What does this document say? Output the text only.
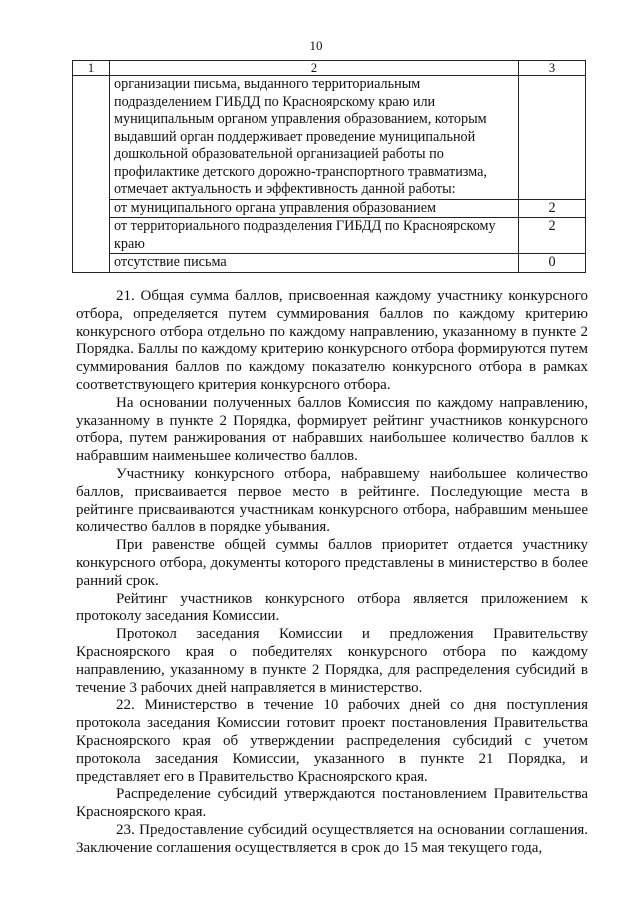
10
1	2	3
	организации письма, выданного территориальным подразделением ГИБДД по Красноярскому краю или муниципальным органом управления образованием, которым выдавший орган поддерживает проведение муниципальной дошкольной образовательной организацией работы по профилактике детского дорожно-транспортного травматизма, отмечает актуальность и эффективность данной работы:	
	от муниципального органа управления образованием	2
	от территориального подразделения ГИБДД по Красноярскому краю	2
	отсутствие письма	0

21. Общая сумма баллов, присвоенная каждому участнику конкурсного отбора, определяется путем суммирования баллов по каждому критерию конкурсного отбора отдельно по каждому направлению, указанному в пункте 2 Порядка. Баллы по каждому критерию конкурсного отбора формируются путем суммирования баллов по каждому показателю конкурсного отбора в рамках соответствующего критерия конкурсного отбора.

На основании полученных баллов Комиссия по каждому направлению, указанному в пункте 2 Порядка, формирует рейтинг участников конкурсного отбора, путем ранжирования от набравших наибольшее количество баллов к набравшим наименьшее количество баллов.

Участнику конкурсного отбора, набравшему наибольшее количество баллов, присваивается первое место в рейтинге. Последующие места в рейтинге присваиваются участникам конкурсного отбора, набравшим меньшее количество баллов в порядке убывания.

При равенстве общей суммы баллов приоритет отдается участнику конкурсного отбора, документы которого представлены в министерство в более ранний срок.

Рейтинг участников конкурсного отбора является приложением к протоколу заседания Комиссии.

Протокол заседания Комиссии и предложения Правительству Красноярского края о победителях конкурсного отбора по каждому направлению, указанному в пункте 2 Порядка, для распределения субсидий в течение 3 рабочих дней направляется в министерство.

22. Министерство в течение 10 рабочих дней со дня поступления протокола заседания Комиссии готовит проект постановления Правительства Красноярского края об утверждении распределения субсидий с учетом протокола заседания Комиссии, указанного в пункте 21 Порядка, и представляет его в Правительство Красноярского края.

Распределение субсидий утверждаются постановлением Правительства Красноярского края.

23. Предоставление субсидий осуществляется на основании соглашения. Заключение соглашения осуществляется в срок до 15 мая текущего года,
